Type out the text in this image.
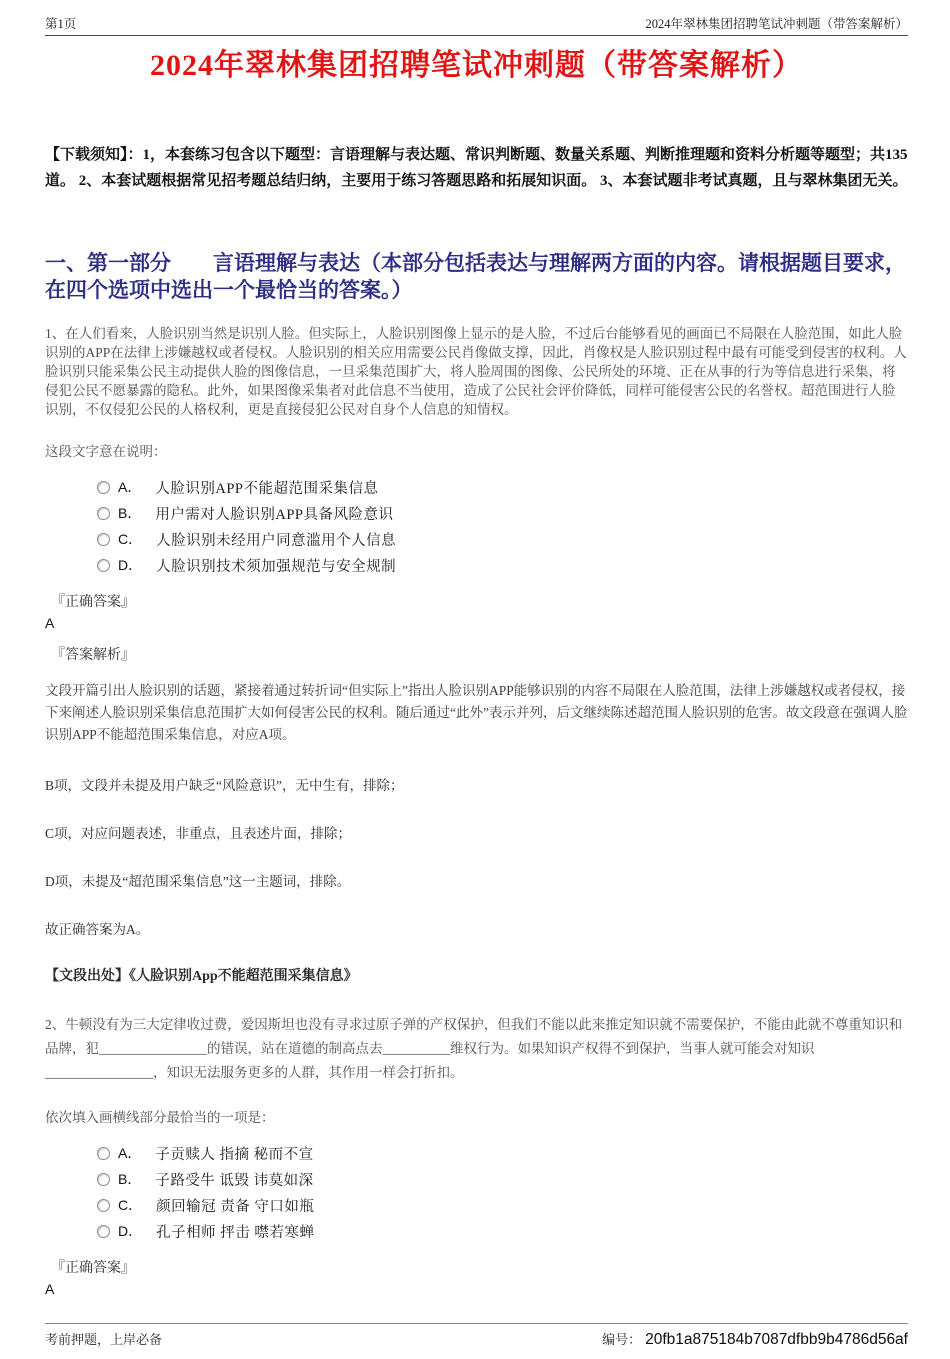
第1页	2024年翠林集团招聘笔试冲刺题（带答案解析）
2024年翠林集团招聘笔试冲刺题（带答案解析）
【下载须知】：1，本套练习包含以下题型：言语理解与表达题、常识判断题、数量关系题、判断推理题和资料分析题等题型；共135道。 2、本套试题根据常见招考题总结归纳，主要用于练习答题思路和拓展知识面。 3、本套试题非考试真题，且与翠林集团无关。
一、第一部分　　言语理解与表达（本部分包括表达与理解两方面的内容。请根据题目要求，在四个选项中选出一个最恰当的答案。）
1、在人们看来，人脸识别当然是识别人脸。但实际上，人脸识别图像上显示的是人脸，不过后台能够看见的画面已不局限在人脸范围，如此人脸识别的APP在法律上涉嫌越权或者侵权。人脸识别的相关应用需要公民肖像做支撑，因此，肖像权是人脸识别过程中最有可能受到侵害的权利。人脸识别只能采集公民主动提供人脸的图像信息，一旦采集范围扩大，将人脸周围的图像、公民所处的环境、正在从事的行为等信息进行采集，将侵犯公民不愿暴露的隐私。此外，如果图像采集者对此信息不当使用，造成了公民社会评价降低，同样可能侵害公民的名誉权。超范围进行人脸识别，不仅侵犯公民的人格权利，更是直接侵犯公民对自身个人信息的知情权。
这段文字意在说明：
A． 人脸识别APP不能超范围采集信息
B． 用户需对人脸识别APP具备风险意识
C． 人脸识别未经用户同意滥用个人信息
D． 人脸识别技术须加强规范与安全规制
『正确答案』
A
『答案解析』
文段开篇引出人脸识别的话题，紧接着通过转折词“但实际上”指出人脸识别APP能够识别的内容不局限在人脸范围，法律上涉嫌越权或者侵权，接下来阐述人脸识别采集信息范围扩大如何侵害公民的权利。随后通过“此外”表示并列，后文继续陈述超范围人脸识别的危害。故文段意在强调人脸识别APP不能超范围采集信息，对应A项。
B项，文段并未提及用户缺乏“风险意识”，无中生有，排除；
C项，对应问题表述，非重点，且表述片面，排除；
D项，未提及“超范围采集信息”这一主题词，排除。
故正确答案为A。
【文段出处】《人脸识别App不能超范围采集信息》
2、牛顿没有为三大定律收过费，爱因斯坦也没有寻求过原子弹的产权保护，但我们不能以此来推定知识就不需要保护，不能由此就不尊重知识和品牌，犯________________的错误，站在道德的制高点去__________维权行为。如果知识产权得不到保护，当事人就可能会对知识________________，知识无法服务更多的人群，其作用一样会打折扣。
依次填入画横线部分最恰当的一项是：
A． 子贡赎人 指摘 秘而不宣
B． 子路受牛 诋毁 讳莫如深
C． 颜回输冠 责备 守口如瓶
D． 孔子相师 抨击 噤若寒蝉
『正确答案』
A
考前押题，上岸必备	编号： 20fb1a875184b7087dfbb9b4786d56af
